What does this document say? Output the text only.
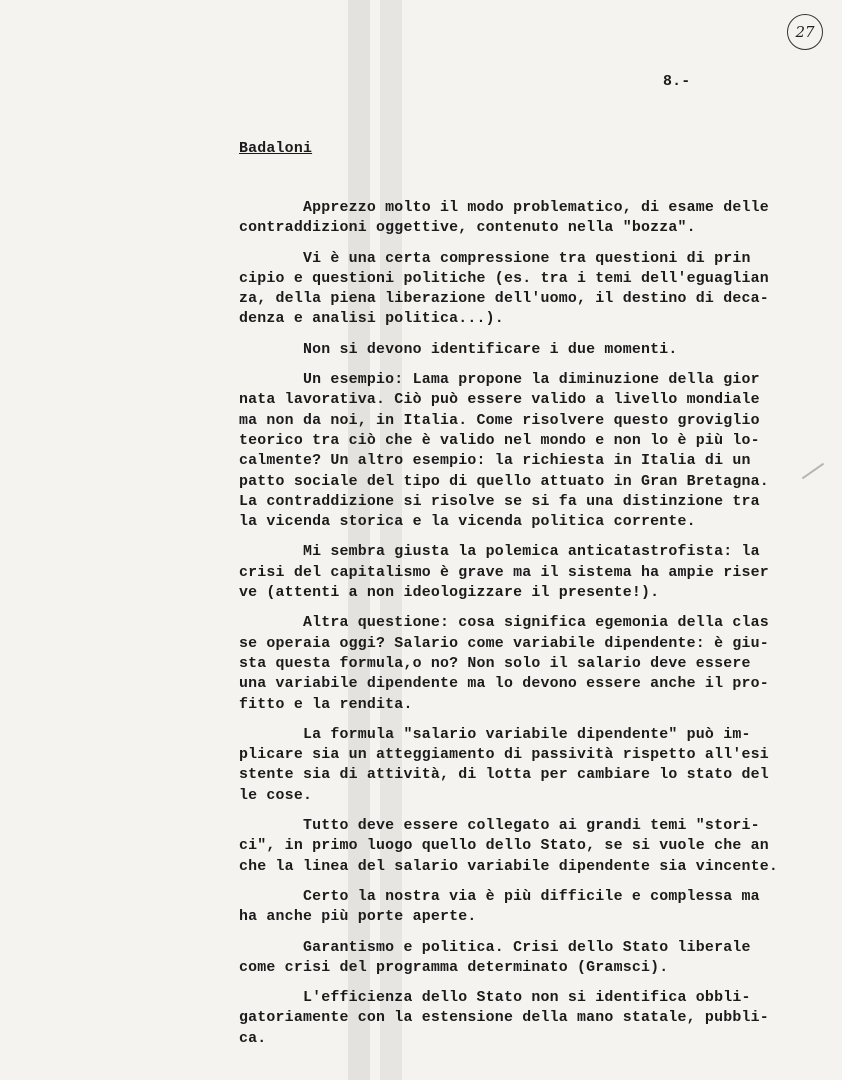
27
8.-
Badaloni
Apprezzo molto il modo problematico, di esame delle
contraddizioni oggettive, contenuto nella "bozza".
Vi è una certa compressione tra questioni di prin
cipio e questioni politiche (es. tra i temi dell'eguaglian
za, della piena liberazione dell'uomo, il destino di deca-
denza e analisi politica...).
Non si devono identificare i due momenti.
Un esempio: Lama propone la diminuzione della gior
nata lavorativa. Ciò può essere valido a livello mondiale
ma non da noi, in Italia. Come risolvere questo groviglio
teorico tra ciò che è valido nel mondo e non lo è più lo-
calmente? Un altro esempio: la richiesta in Italia di un
patto sociale del tipo di quello attuato in Gran Bretagna.
La contraddizione si risolve se si fa una distinzione tra
la vicenda storica e la vicenda politica corrente.
Mi sembra giusta la polemica anticatastrofista: la
crisi del capitalismo è grave ma il sistema ha ampie riser
ve (attenti a non ideologizzare il presente!).
Altra questione: cosa significa egemonia della clas
se operaia oggi? Salario come variabile dipendente: è giu-
sta questa formula,o no? Non solo il salario deve essere
una variabile dipendente ma lo devono essere anche il pro-
fitto e la rendita.
La formula "salario variabile dipendente" può im-
plicare sia un atteggiamento di passività rispetto all'esi
stente sia di attività, di lotta per cambiare lo stato del
le cose.
Tutto deve essere collegato ai grandi temi "stori-
ci", in primo luogo quello dello Stato, se si vuole che an
che la linea del salario variabile dipendente sia vincente.
Certo la nostra via è più difficile e complessa ma
ha anche più porte aperte.
Garantismo e politica. Crisi dello Stato liberale
come crisi del programma determinato (Gramsci).
L'efficienza dello Stato non si identifica obbli-
gatoriamente con la estensione della mano statale, pubbli-
ca.
